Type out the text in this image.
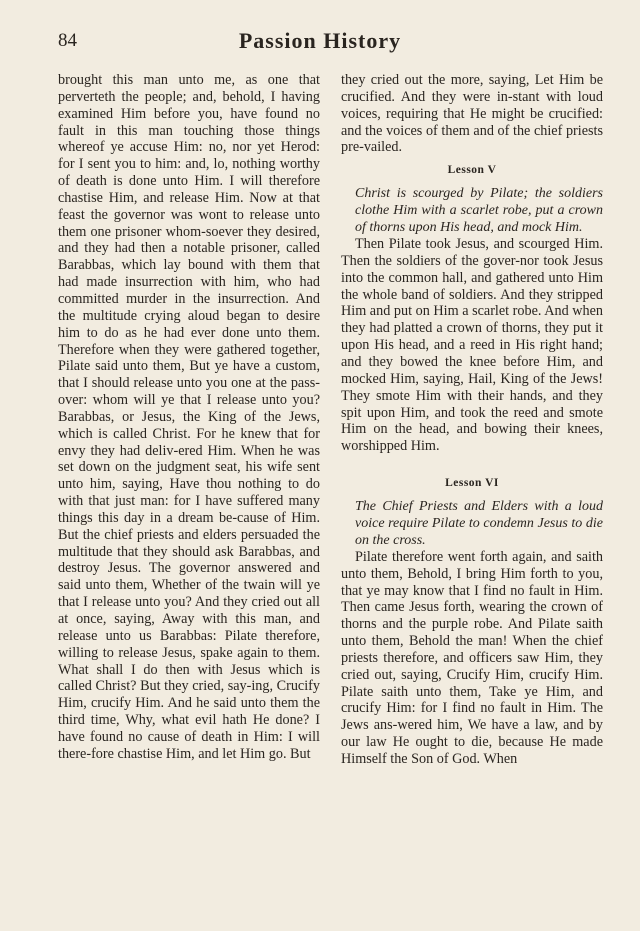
84	Passion History

brought this man unto me, as one that perverteth the people; and, behold, I having examined Him before you, have found no fault in this man touching those things whereof ye accuse Him: no, nor yet Herod: for I sent you to him: and, lo, nothing worthy of death is done unto Him. I will therefore chastise Him, and release Him. Now at that feast the governor was wont to release unto them one prisoner whom-soever they desired, and they had then a notable prisoner, called Barabbas, which lay bound with them that had made insurrection with him, who had committed murder in the insurrection. And the multitude crying aloud began to desire him to do as he had ever done unto them. Therefore when they were gathered together, Pilate said unto them, But ye have a custom, that I should release unto you one at the pass-over: whom will ye that I release unto you? Barabbas, or Jesus, the King of the Jews, which is called Christ. For he knew that for envy they had deliv-ered Him. When he was set down on the judgment seat, his wife sent unto him, saying, Have thou nothing to do with that just man: for I have suffered many things this day in a dream be-cause of Him. But the chief priests and elders persuaded the multitude that they should ask Barabbas, and destroy Jesus. The governor answered and said unto them, Whether of the twain will ye that I release unto you? And they cried out all at once, saying, Away with this man, and release unto us Barabbas: Pilate therefore, willing to release Jesus, spake again to them. What shall I do then with Jesus which is called Christ? But they cried, say-ing, Crucify Him, crucify Him. And he said unto them the third time, Why, what evil hath He done? I have found no cause of death in Him: I will there-fore chastise Him, and let Him go. But

they cried out the more, saying, Let Him be crucified. And they were in-stant with loud voices, requiring that He might be crucified: and the voices of them and of the chief priests pre-vailed.

Lesson V

Christ is scourged by Pilate; the soldiers clothe Him with a scarlet robe, put a crown of thorns upon His head, and mock Him.

Then Pilate took Jesus, and scourged Him. Then the soldiers of the gover-nor took Jesus into the common hall, and gathered unto Him the whole band of soldiers. And they stripped Him and put on Him a scarlet robe. And when they had platted a crown of thorns, they put it upon His head, and a reed in His right hand; and they bowed the knee before Him, and mocked Him, saying, Hail, King of the Jews! They smote Him with their hands, and they spit upon Him, and took the reed and smote Him on the head, and bowing their knees, worshipped Him.

Lesson VI

The Chief Priests and Elders with a loud voice require Pilate to condemn Jesus to die on the cross.

Pilate therefore went forth again, and saith unto them, Behold, I bring Him forth to you, that ye may know that I find no fault in Him. Then came Jesus forth, wearing the crown of thorns and the purple robe. And Pilate saith unto them, Behold the man! When the chief priests therefore, and officers saw Him, they cried out, saying, Crucify Him, crucify Him. Pilate saith unto them, Take ye Him, and crucify Him: for I find no fault in Him. The Jews ans-wered him, We have a law, and by our law He ought to die, because He made Himself the Son of God. When
